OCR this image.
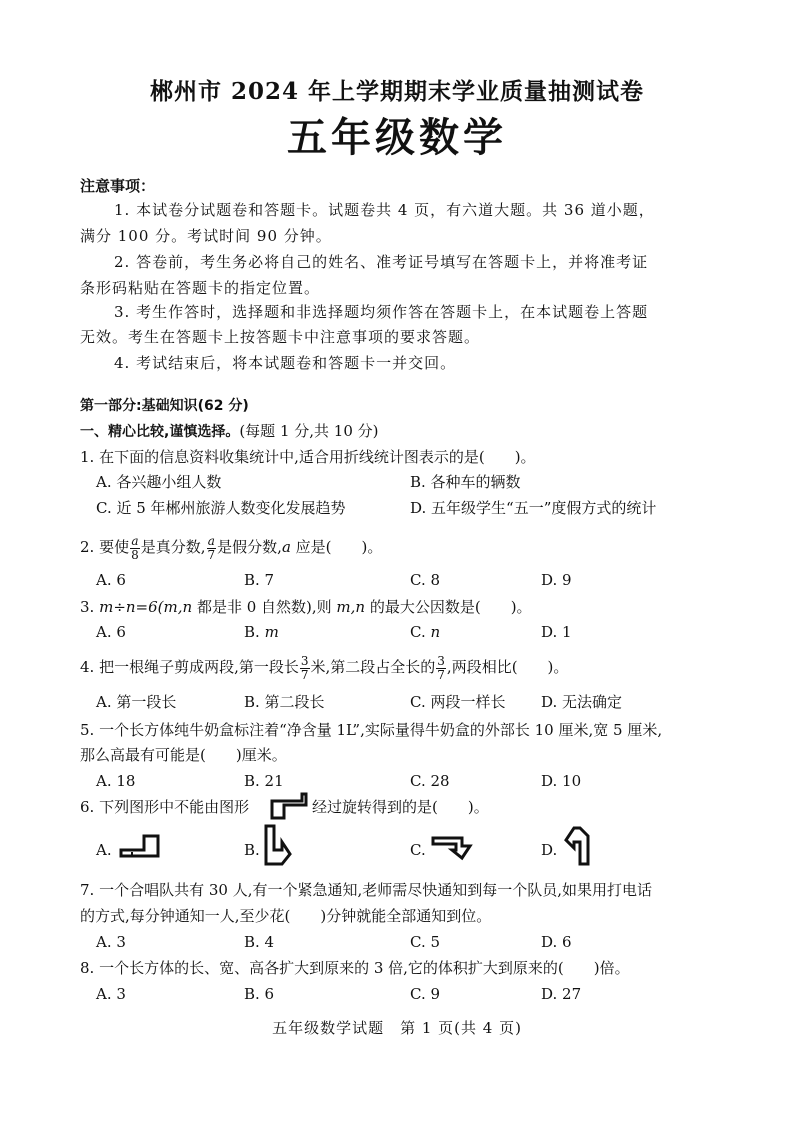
郴州市 2024 年上学期期末学业质量抽测试卷
五年级数学
注意事项：
1. 本试卷分试题卷和答题卡。试题卷共 4 页，有六道大题。共 36 道小题，
满分 100 分。考试时间 90 分钟。
2. 答卷前，考生务必将自己的姓名、准考证号填写在答题卡上，并将准考证
条形码粘贴在答题卡的指定位置。
3. 考生作答时，选择题和非选择题均须作答在答题卡上，在本试题卷上答题
无效。考生在答题卡上按答题卡中注意事项的要求答题。
4. 考试结束后，将本试题卷和答题卡一并交回。
第一部分:基础知识(62 分)
一、精心比较,谨慎选择。(每题 1 分,共 10 分)
1. 在下面的信息资料收集统计中,适合用折线统计图表示的是(　　)。
A. 各兴趣小组人数	B. 各种车的辆数
C. 近 5 年郴州旅游人数变化发展趋势	D. 五年级学生“五一”度假方式的统计
2. 要使 $\frac{a}{8}$ 是真分数, $\frac{a}{7}$ 是假分数,a 应是(　　)。
A. 6	B. 7	C. 8	D. 9
3. m÷n=6(m,n 都是非 0 自然数),则 m,n 的最大公因数是(　　)。
A. 6	B. m	C. n	D. 1
4. 把一根绳子剪成两段,第一段长 $\frac{3}{7}$ 米,第二段占全长的 $\frac{3}{7}$ ,两段相比(　　)。
A. 第一段长	B. 第二段长	C. 两段一样长 D. 无法确定
5. 一个长方体纯牛奶盒标注着“净含量 1L”,实际量得牛奶盒的外部长 10 厘米,宽 5 厘米,
那么高最有可能是(　　)厘米。
A. 18	B. 21	C. 28	D. 10
6. 下列图形中不能由图形	经过旋转得到的是(　　)。
A.	B.	C.	D.
7. 一个合唱队共有 30 人,有一个紧急通知,老师需尽快通知到每一个队员,如果用打电话
的方式,每分钟通知一人,至少花(　　)分钟就能全部通知到位。
A. 3	B. 4	C. 5	D. 6
8. 一个长方体的长、宽、高各扩大到原来的 3 倍,它的体积扩大到原来的(　　)倍。
A. 3	B. 6	C. 9	D. 27
五年级数学试题　第 1 页(共 4 页)
